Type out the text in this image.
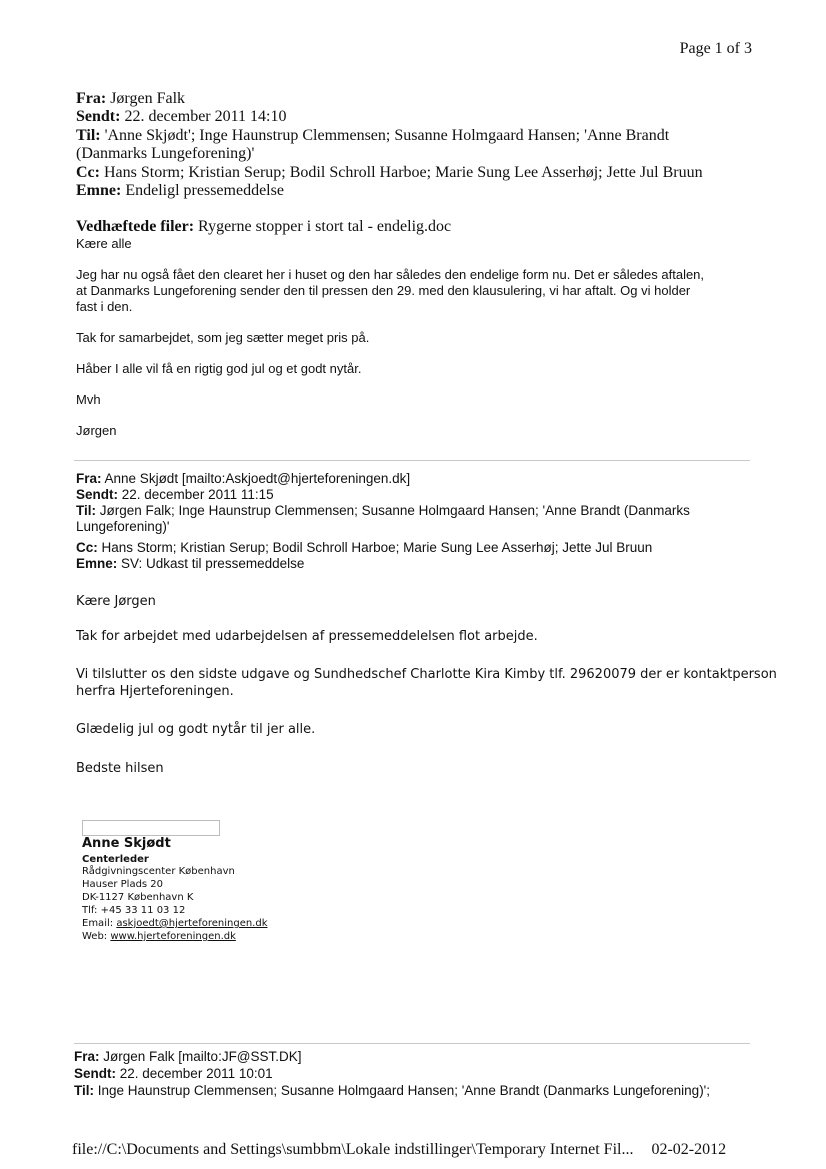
Page 1 of 3
Fra: Jørgen Falk
Sendt: 22. december 2011 14:10
Til: 'Anne Skjødt'; Inge Haunstrup Clemmensen; Susanne Holmgaard Hansen; 'Anne Brandt
(Danmarks Lungeforening)'
Cc: Hans Storm; Kristian Serup; Bodil Schroll Harboe; Marie Sung Lee Asserhøj; Jette Jul Bruun
Emne: Endeligl pressemeddelse
Vedhæftede filer: Rygerne stopper i stort tal - endelig.doc
Kære alle
Jeg har nu også fået den clearet her i huset og den har således den endelige form nu. Det er således aftalen,
at Danmarks Lungeforening sender den til pressen den 29. med den klausulering, vi har aftalt. Og vi holder
fast i den.
Tak for samarbejdet, som jeg sætter meget pris på.
Håber I alle vil få en rigtig god jul og et godt nytår.
Mvh
Jørgen
Fra: Anne Skjødt [mailto:Askjoedt@hjerteforeningen.dk]
Sendt: 22. december 2011 11:15
Til: Jørgen Falk; Inge Haunstrup Clemmensen; Susanne Holmgaard Hansen; 'Anne Brandt (Danmarks
Lungeforening)'
Cc: Hans Storm; Kristian Serup; Bodil Schroll Harboe; Marie Sung Lee Asserhøj; Jette Jul Bruun
Emne: SV: Udkast til pressemeddelse
Kære Jørgen
Tak for arbejdet med udarbejdelsen af pressemeddelelsen flot arbejde.
Vi tilslutter os den sidste udgave og Sundhedschef Charlotte Kira Kimby tlf. 29620079 der er kontaktperson
herfra Hjerteforeningen.
Glædelig jul og godt nytår til jer alle.
Bedste hilsen
Anne Skjødt
Centerleder
Rådgivningscenter København
Hauser Plads 20
DK-1127 København K
Tlf: +45 33 11 03 12
Email: askjoedt@hjerteforeningen.dk
Web: www.hjerteforeningen.dk
Fra: Jørgen Falk [mailto:JF@SST.DK]
Sendt: 22. december 2011 10:01
Til: Inge Haunstrup Clemmensen; Susanne Holmgaard Hansen; 'Anne Brandt (Danmarks Lungeforening)';
file://C:\Documents and Settings\sumbbm\Lokale indstillinger\Temporary Internet Fil... 02-02-2012
